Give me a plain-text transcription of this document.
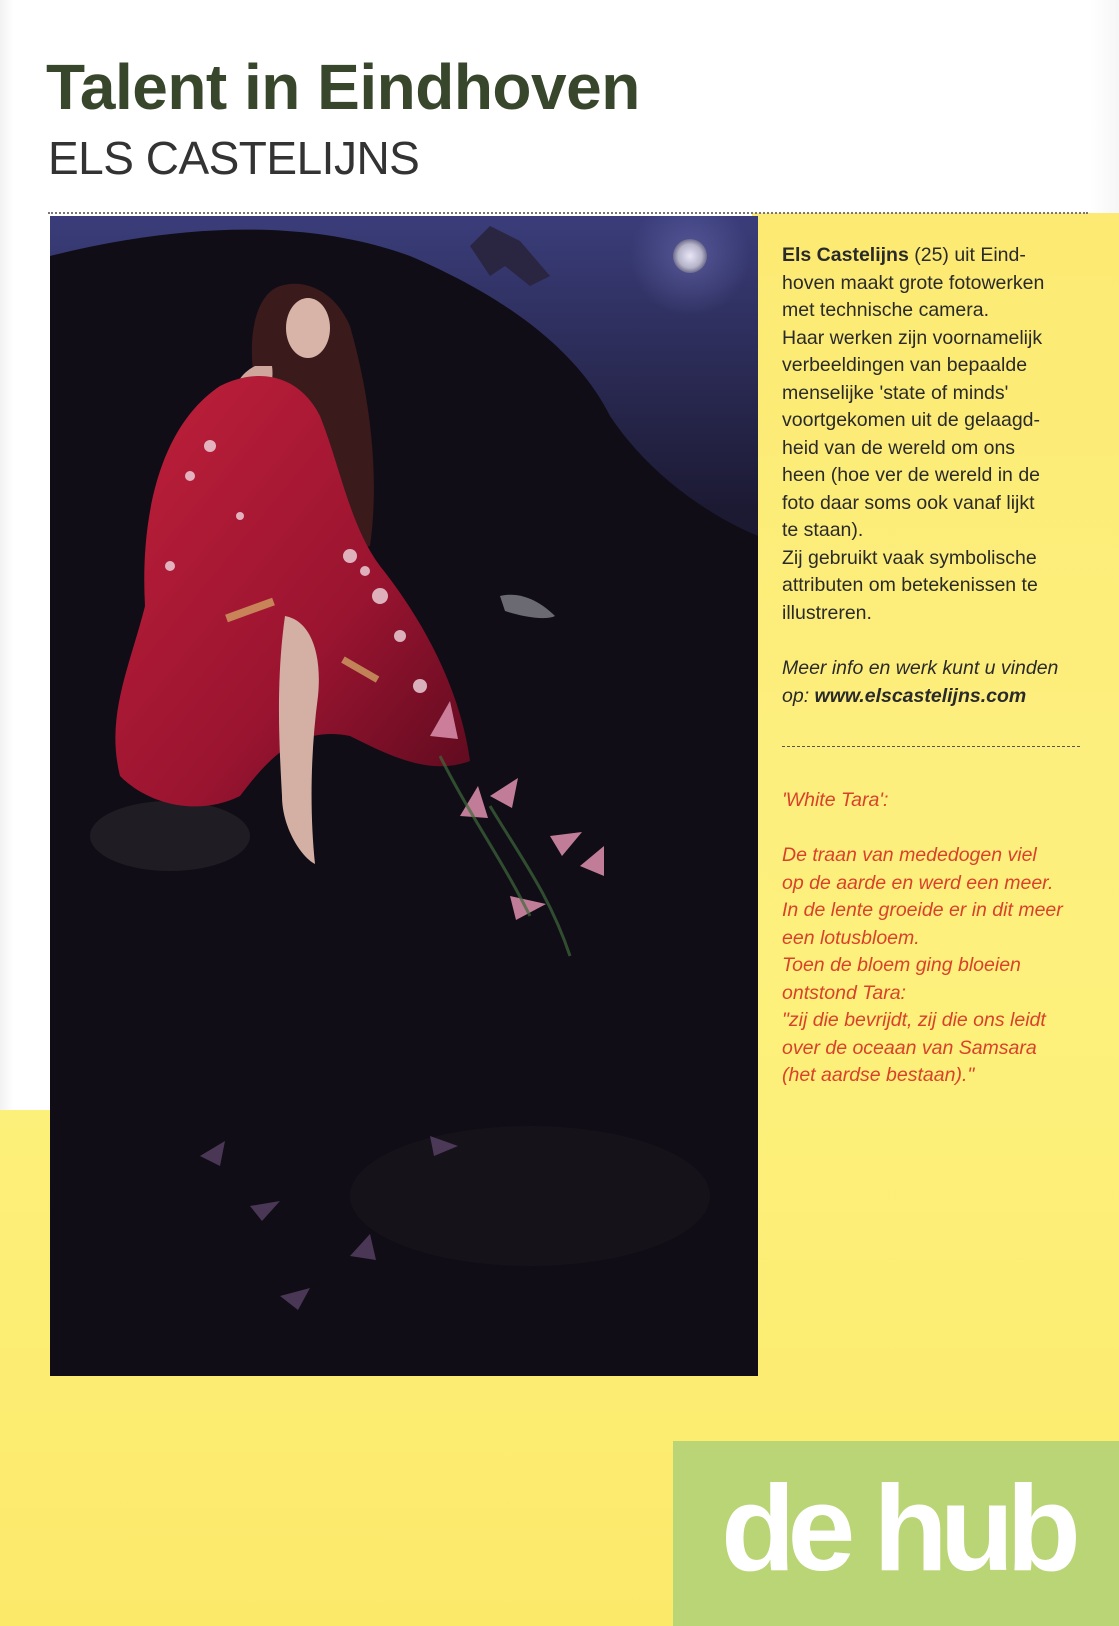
Talent in Eindhoven
ELS CASTELIJNS

Els Castelijns (25) uit Eind-

hoven maakt grote fotowerken

met technische camera.

Haar werken zijn voornamelijk

verbeeldingen van bepaalde

menselijke 'state of minds'

voortgekomen uit de gelaagd-

heid van de wereld om ons

heen (hoe ver de wereld in de

foto daar soms ook vanaf lijkt

te staan).

Zij gebruikt vaak symbolische

attributen om betekenissen te

illustreren.

Meer info en werk kunt u vinden
op: www.elscastelijns.com

'White Tara':

De traan van mededogen viel

op de aarde en werd een meer.

In de lente groeide er in dit meer

een lotusbloem.

Toen de bloem ging bloeien

ontstond Tara:

"zij die bevrijdt, zij die ons leidt

over de oceaan van Samsara

(het aardse bestaan)."

de hub
